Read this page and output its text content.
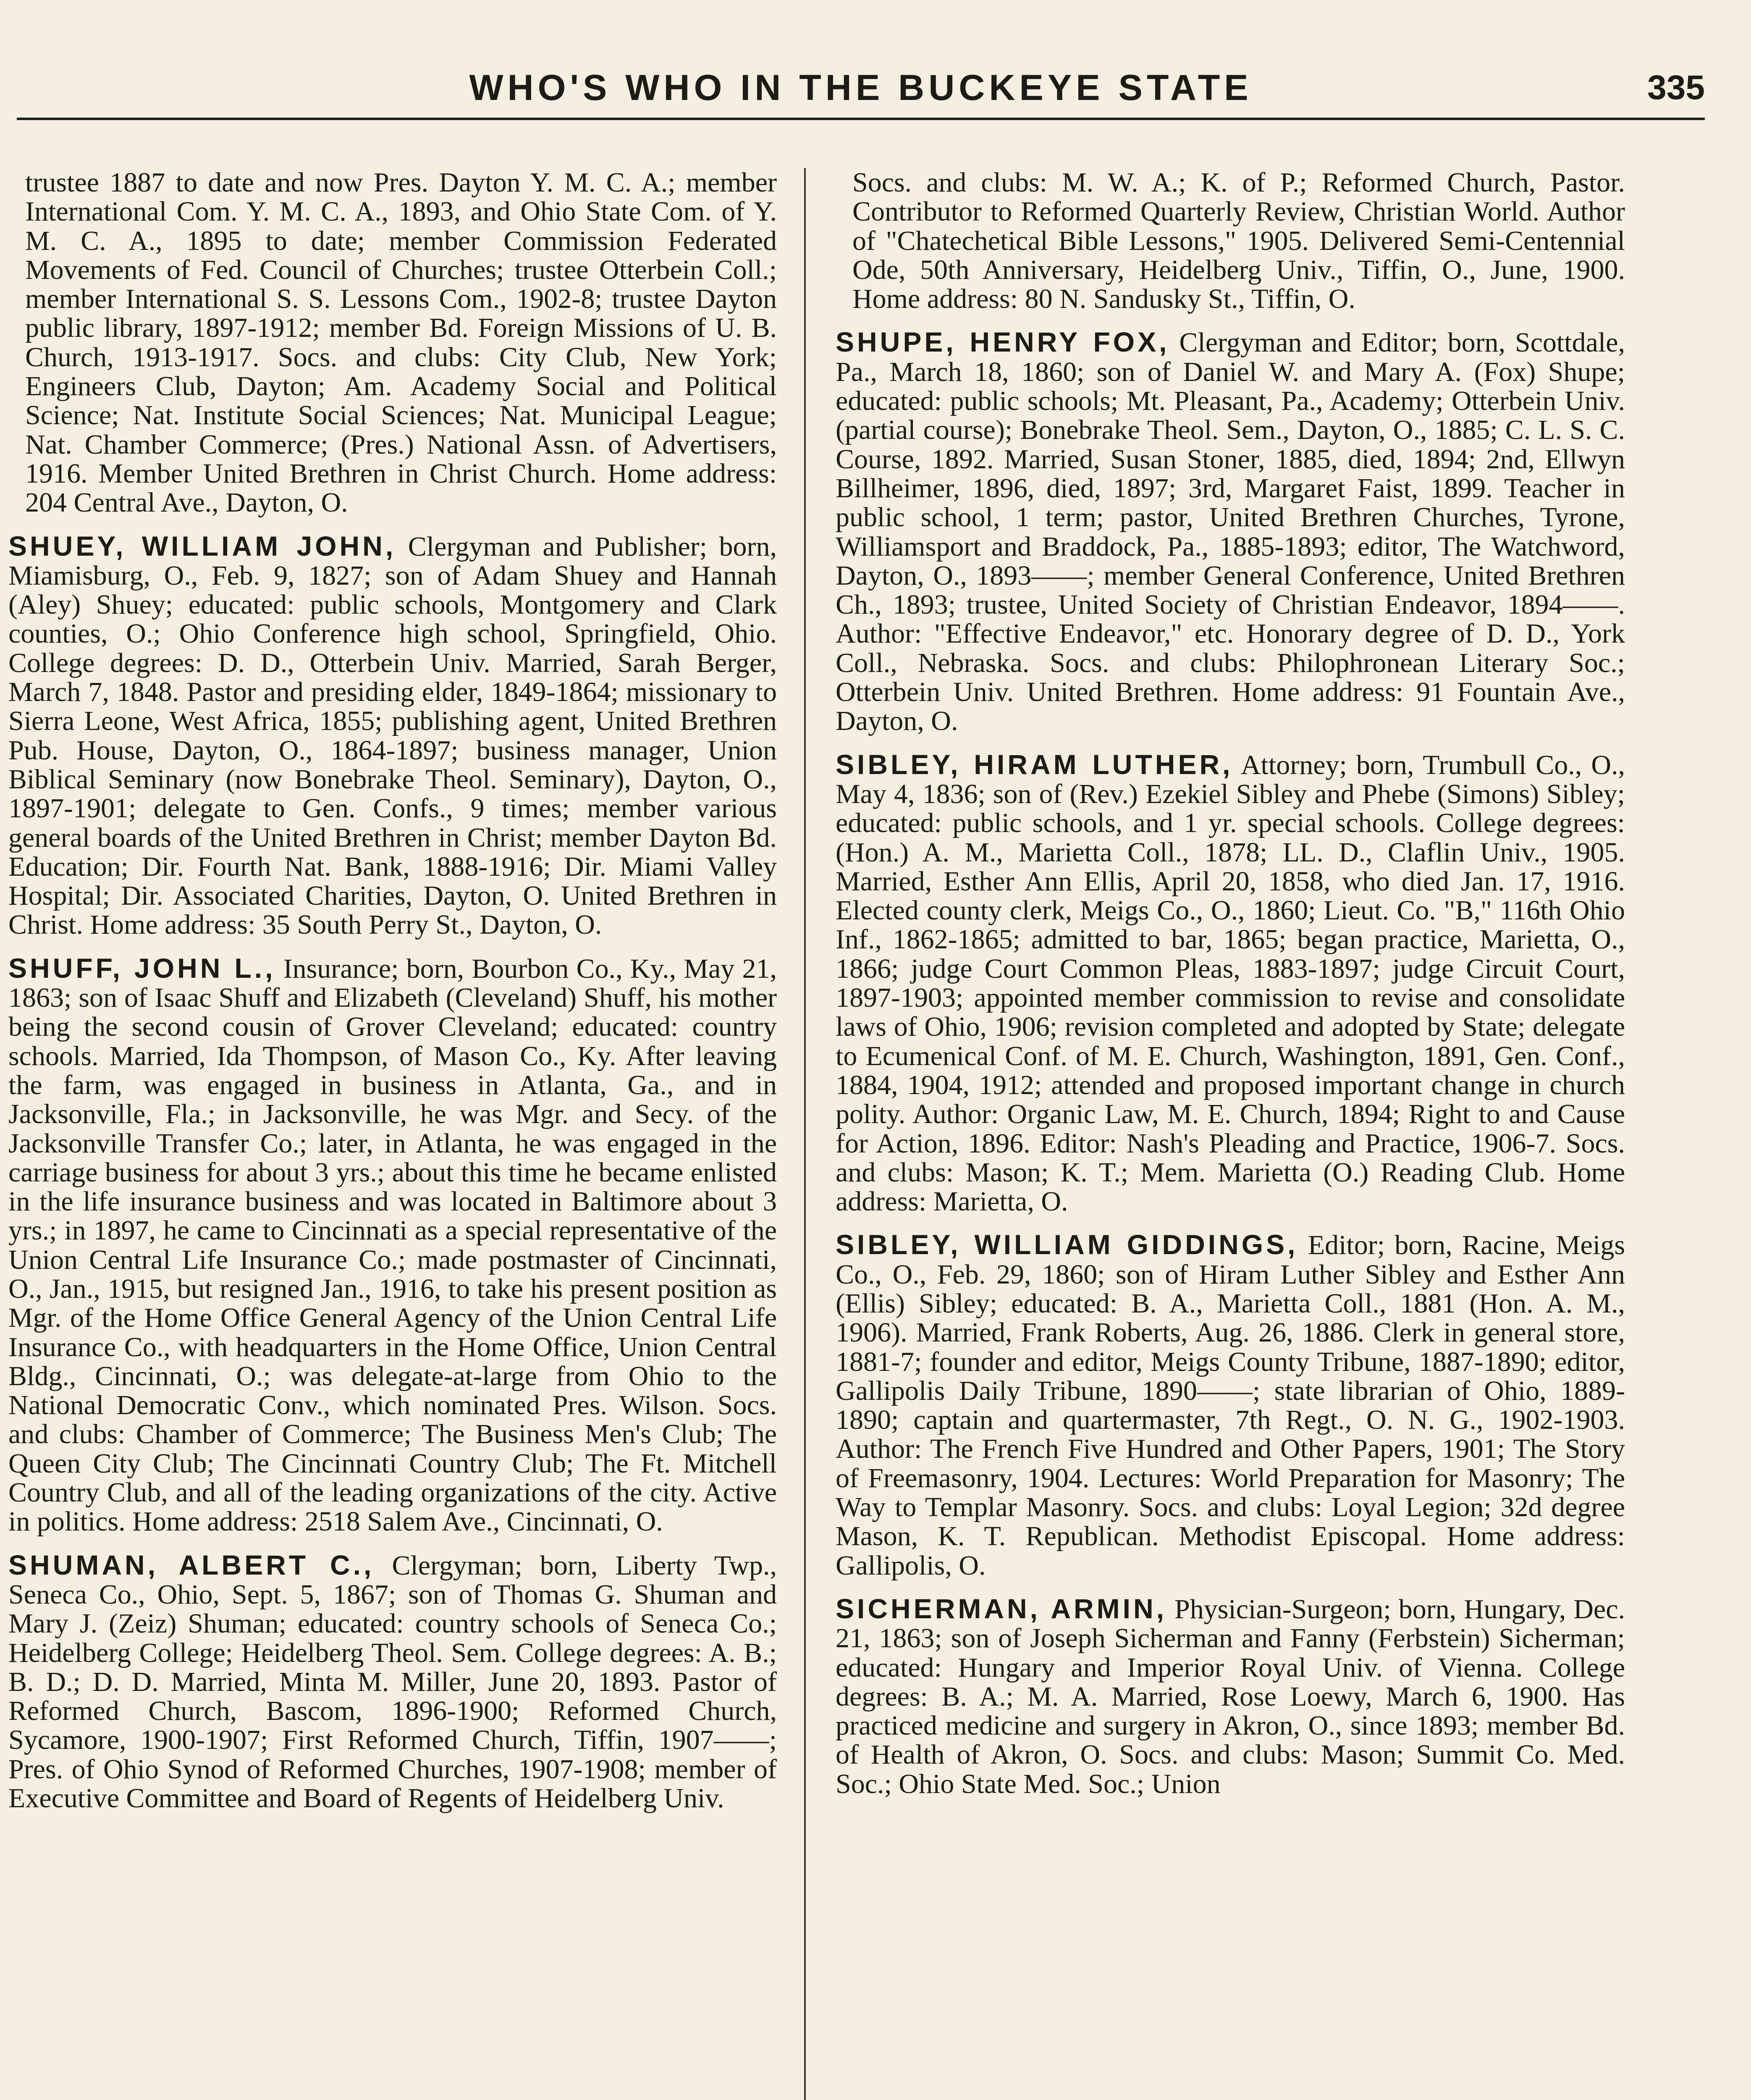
WHO'S WHO IN THE BUCKEYE STATE	335

trustee 1887 to date and now Pres. Dayton Y. M. C. A.; member International Com. Y. M. C. A., 1893, and Ohio State Com. of Y. M. C. A., 1895 to date; member Commission Federated Movements of Fed. Council of Churches; trustee Otterbein Coll.; member International S. S. Lessons Com., 1902-8; trustee Dayton public library, 1897-1912; member Bd. Foreign Missions of U. B. Church, 1913-1917. Socs. and clubs: City Club, New York; Engineers Club, Dayton; Am. Academy Social and Political Science; Nat. Institute Social Sciences; Nat. Municipal League; Nat. Chamber Commerce; (Pres.) National Assn. of Advertisers, 1916. Member United Brethren in Christ Church. Home address: 204 Central Ave., Dayton, O.

SHUEY, WILLIAM JOHN, Clergyman and Publisher; born, Miamisburg, O., Feb. 9, 1827; son of Adam Shuey and Hannah (Aley) Shuey; educated: public schools, Montgomery and Clark counties, O.; Ohio Conference high school, Springfield, Ohio. College degrees: D. D., Otterbein Univ. Married, Sarah Berger, March 7, 1848. Pastor and presiding elder, 1849-1864; missionary to Sierra Leone, West Africa, 1855; publishing agent, United Brethren Pub. House, Dayton, O., 1864-1897; business manager, Union Biblical Seminary (now Bonebrake Theol. Seminary), Dayton, O., 1897-1901; delegate to Gen. Confs., 9 times; member various general boards of the United Brethren in Christ; member Dayton Bd. Education; Dir. Fourth Nat. Bank, 1888-1916; Dir. Miami Valley Hospital; Dir. Associated Charities, Dayton, O. United Brethren in Christ. Home address: 35 South Perry St., Dayton, O.

SHUFF, JOHN L., Insurance; born, Bourbon Co., Ky., May 21, 1863; son of Isaac Shuff and Elizabeth (Cleveland) Shuff, his mother being the second cousin of Grover Cleveland; educated: country schools. Married, Ida Thompson, of Mason Co., Ky. After leaving the farm, was engaged in business in Atlanta, Ga., and in Jacksonville, Fla.; in Jacksonville, he was Mgr. and Secy. of the Jacksonville Transfer Co.; later, in Atlanta, he was engaged in the carriage business for about 3 yrs.; about this time he became enlisted in the life insurance business and was located in Baltimore about 3 yrs.; in 1897, he came to Cincinnati as a special representative of the Union Central Life Insurance Co.; made postmaster of Cincinnati, O., Jan., 1915, but resigned Jan., 1916, to take his present position as Mgr. of the Home Office General Agency of the Union Central Life Insurance Co., with headquarters in the Home Office, Union Central Bldg., Cincinnati, O.; was delegate-at-large from Ohio to the National Democratic Conv., which nominated Pres. Wilson. Socs. and clubs: Chamber of Commerce; The Business Men's Club; The Queen City Club; The Cincinnati Country Club; The Ft. Mitchell Country Club, and all of the leading organizations of the city. Active in politics. Home address: 2518 Salem Ave., Cincinnati, O.

SHUMAN, ALBERT C., Clergyman; born, Liberty Twp., Seneca Co., Ohio, Sept. 5, 1867; son of Thomas G. Shuman and Mary J. (Zeiz) Shuman; educated: country schools of Seneca Co.; Heidelberg College; Heidelberg Theol. Sem. College degrees: A. B.; B. D.; D. D. Married, Minta M. Miller, June 20, 1893. Pastor of Reformed Church, Bascom, 1896-1900; Reformed Church, Sycamore, 1900-1907; First Reformed Church, Tiffin, 1907——; Pres. of Ohio Synod of Reformed Churches, 1907-1908; member of Executive Committee and Board of Regents of Heidelberg Univ.

Socs. and clubs: M. W. A.; K. of P.; Reformed Church, Pastor. Contributor to Reformed Quarterly Review, Christian World. Author of "Chatechetical Bible Lessons," 1905. Delivered Semi-Centennial Ode, 50th Anniversary, Heidelberg Univ., Tiffin, O., June, 1900. Home address: 80 N. Sandusky St., Tiffin, O.

SHUPE, HENRY FOX, Clergyman and Editor; born, Scottdale, Pa., March 18, 1860; son of Daniel W. and Mary A. (Fox) Shupe; educated: public schools; Mt. Pleasant, Pa., Academy; Otterbein Univ. (partial course); Bonebrake Theol. Sem., Dayton, O., 1885; C. L. S. C. Course, 1892. Married, Susan Stoner, 1885, died, 1894; 2nd, Ellwyn Billheimer, 1896, died, 1897; 3rd, Margaret Faist, 1899. Teacher in public school, 1 term; pastor, United Brethren Churches, Tyrone, Williamsport and Braddock, Pa., 1885-1893; editor, The Watchword, Dayton, O., 1893——; member General Conference, United Brethren Ch., 1893; trustee, United Society of Christian Endeavor, 1894——. Author: "Effective Endeavor," etc. Honorary degree of D. D., York Coll., Nebraska. Socs. and clubs: Philophronean Literary Soc.; Otterbein Univ. United Brethren. Home address: 91 Fountain Ave., Dayton, O.

SIBLEY, HIRAM LUTHER, Attorney; born, Trumbull Co., O., May 4, 1836; son of (Rev.) Ezekiel Sibley and Phebe (Simons) Sibley; educated: public schools, and 1 yr. special schools. College degrees: (Hon.) A. M., Marietta Coll., 1878; LL. D., Claflin Univ., 1905. Married, Esther Ann Ellis, April 20, 1858, who died Jan. 17, 1916. Elected county clerk, Meigs Co., O., 1860; Lieut. Co. "B," 116th Ohio Inf., 1862-1865; admitted to bar, 1865; began practice, Marietta, O., 1866; judge Court Common Pleas, 1883-1897; judge Circuit Court, 1897-1903; appointed member commission to revise and consolidate laws of Ohio, 1906; revision completed and adopted by State; delegate to Ecumenical Conf. of M. E. Church, Washington, 1891, Gen. Conf., 1884, 1904, 1912; attended and proposed important change in church polity. Author: Organic Law, M. E. Church, 1894; Right to and Cause for Action, 1896. Editor: Nash's Pleading and Practice, 1906-7. Socs. and clubs: Mason; K. T.; Mem. Marietta (O.) Reading Club. Home address: Marietta, O.

SIBLEY, WILLIAM GIDDINGS, Editor; born, Racine, Meigs Co., O., Feb. 29, 1860; son of Hiram Luther Sibley and Esther Ann (Ellis) Sibley; educated: B. A., Marietta Coll., 1881 (Hon. A. M., 1906). Married, Frank Roberts, Aug. 26, 1886. Clerk in general store, 1881-7; founder and editor, Meigs County Tribune, 1887-1890; editor, Gallipolis Daily Tribune, 1890——; state librarian of Ohio, 1889-1890; captain and quartermaster, 7th Regt., O. N. G., 1902-1903. Author: The French Five Hundred and Other Papers, 1901; The Story of Freemasonry, 1904. Lectures: World Preparation for Masonry; The Way to Templar Masonry. Socs. and clubs: Loyal Legion; 32d degree Mason, K. T. Republican. Methodist Episcopal. Home address: Gallipolis, O.

SICHERMAN, ARMIN, Physician-Surgeon; born, Hungary, Dec. 21, 1863; son of Joseph Sicherman and Fanny (Ferbstein) Sicherman; educated: Hungary and Imperior Royal Univ. of Vienna. College degrees: B. A.; M. A. Married, Rose Loewy, March 6, 1900. Has practiced medicine and surgery in Akron, O., since 1893; member Bd. of Health of Akron, O. Socs. and clubs: Mason; Summit Co. Med. Soc.; Ohio State Med. Soc.; Union
